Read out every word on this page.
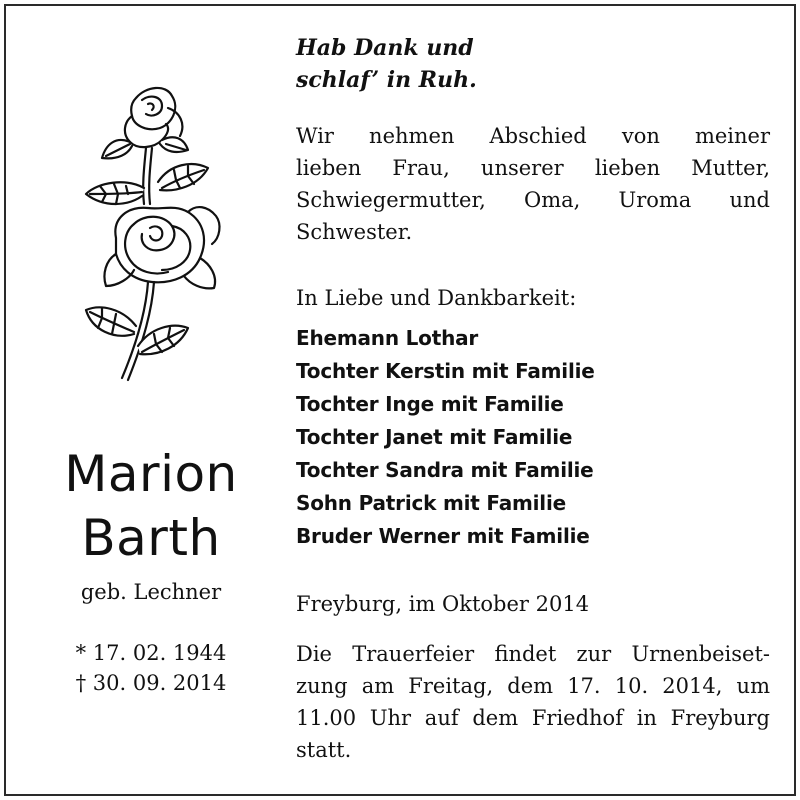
Marion
Barth
geb. Lechner
* 17. 02. 1944
† 30. 09. 2014
Hab Dank und
schlaf’ in Ruh.
Wir nehmen Abschied von meiner
lieben Frau, unserer lieben Mutter,
Schwiegermutter, Oma, Uroma und
Schwester.
In Liebe und Dankbarkeit:
Ehemann Lothar
Tochter Kerstin mit Familie
Tochter Inge mit Familie
Tochter Janet mit Familie
Tochter Sandra mit Familie
Sohn Patrick mit Familie
Bruder Werner mit Familie
Freyburg, im Oktober 2014
Die Trauerfeier findet zur Urnenbeiset-
zung am Freitag, dem 17. 10. 2014, um
11.00 Uhr auf dem Friedhof in Freyburg
statt.
